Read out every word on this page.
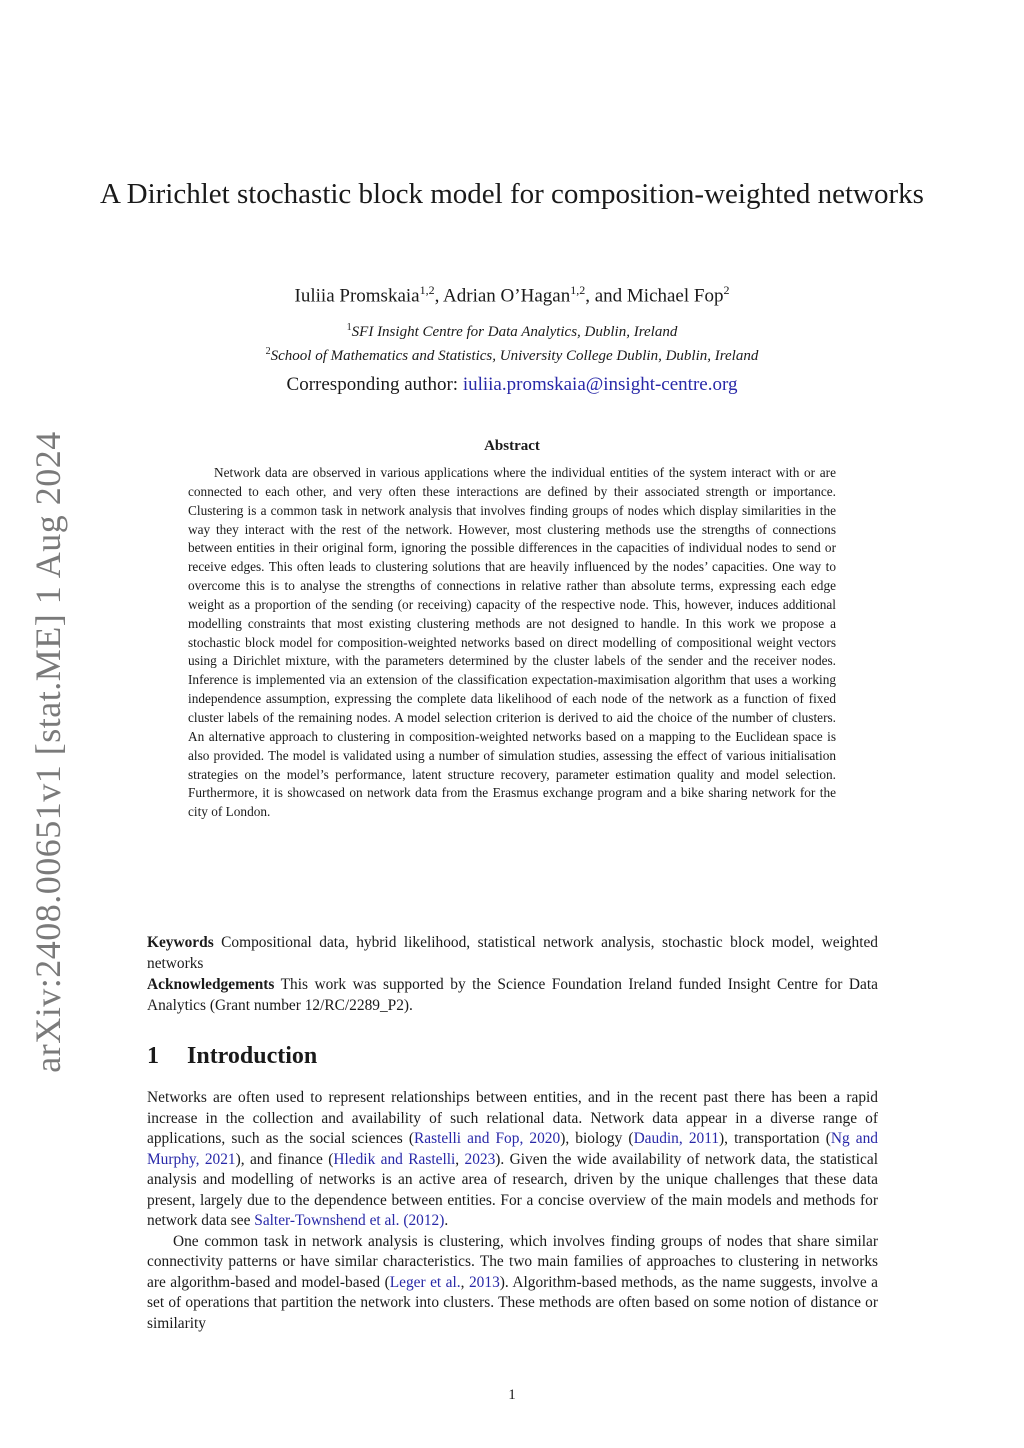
arXiv:2408.00651v1 [stat.ME] 1 Aug 2024
A Dirichlet stochastic block model for composition-weighted networks
Iuliia Promskaia$^{1,2}$, Adrian O’Hagan$^{1,2}$, and Michael Fop$^2$
$^1$SFI Insight Centre for Data Analytics, Dublin, Ireland
$^2$School of Mathematics and Statistics, University College Dublin, Dublin, Ireland
Corresponding author: iuliia.promskaia@insight-centre.org
Abstract

Network data are observed in various applications where the individual entities of the system interact with or are connected to each other, and very often these interactions are defined by their associated strength or importance. Clustering is a common task in network analysis that involves finding groups of nodes which display similarities in the way they interact with the rest of the network. However, most clustering methods use the strengths of connections between entities in their original form, ignoring the possible differences in the capacities of individual nodes to send or receive edges. This often leads to clustering solutions that are heavily influenced by the nodes’ capacities. One way to overcome this is to analyse the strengths of connections in relative rather than absolute terms, expressing each edge weight as a proportion of the sending (or receiving) capacity of the respective node. This, however, induces additional modelling constraints that most existing clustering methods are not designed to handle. In this work we propose a stochastic block model for composition-weighted networks based on direct modelling of compositional weight vectors using a Dirichlet mixture, with the parameters determined by the cluster labels of the sender and the receiver nodes. Inference is implemented via an extension of the classification expectation-maximisation algorithm that uses a working independence assumption, expressing the complete data likelihood of each node of the network as a function of fixed cluster labels of the remaining nodes. A model selection criterion is derived to aid the choice of the number of clusters. An alternative approach to clustering in composition-weighted networks based on a mapping to the Euclidean space is also provided. The model is validated using a number of simulation studies, assessing the effect of various initialisation strategies on the model’s performance, latent structure recovery, parameter estimation quality and model selection. Furthermore, it is showcased on network data from the Erasmus exchange program and a bike sharing network for the city of London.

Keywords Compositional data, hybrid likelihood, statistical network analysis, stochastic block model, weighted networks

Acknowledgements This work was supported by the Science Foundation Ireland funded Insight Centre for Data Analytics (Grant number 12/RC/2289_P2).

1 Introduction

Networks are often used to represent relationships between entities, and in the recent past there has been a rapid increase in the collection and availability of such relational data. Network data appear in a diverse range of applications, such as the social sciences (Rastelli and Fop, 2020), biology (Daudin, 2011), transportation (Ng and Murphy, 2021), and finance (Hledik and Rastelli, 2023). Given the wide availability of network data, the statistical analysis and modelling of networks is an active area of research, driven by the unique challenges that these data present, largely due to the dependence between entities. For a concise overview of the main models and methods for network data see Salter-Townshend et al. (2012).

One common task in network analysis is clustering, which involves finding groups of nodes that share similar connectivity patterns or have similar characteristics. The two main families of approaches to clustering in networks are algorithm-based and model-based (Leger et al., 2013). Algorithm-based methods, as the name suggests, involve a set of operations that partition the network into clusters. These methods are often based on some notion of distance or similarity

1
